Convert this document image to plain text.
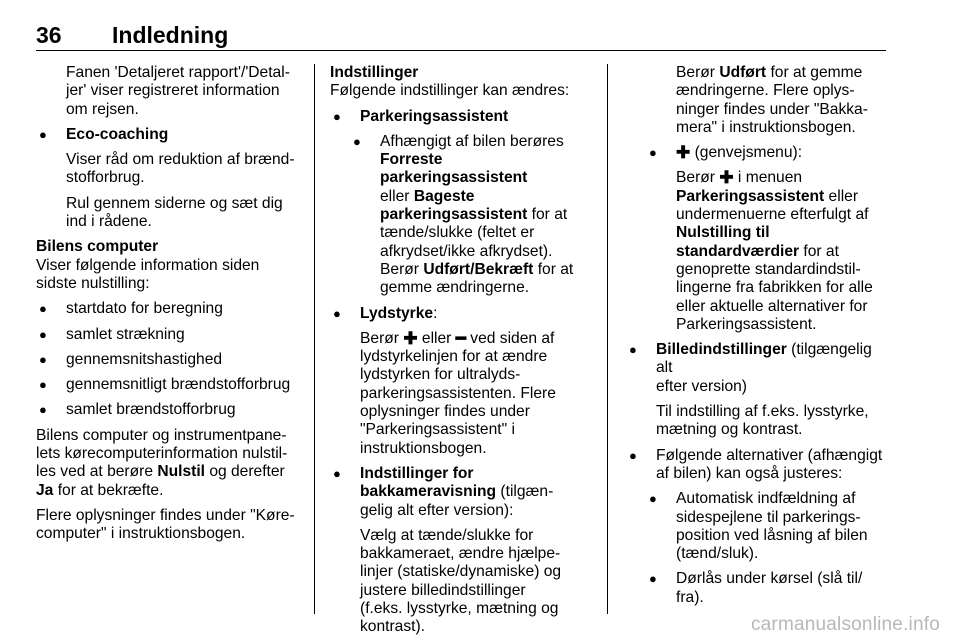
36 Indledning
Fanen 'Detaljeret rapport'/'Detal-
jer' viser registreret information
om rejsen.
● Eco-coaching

Viser råd om reduktion af brænd-
stofforbrug.

Rul gennem siderne og sæt dig
ind i rådene.

Bilens computer

Viser følgende information siden
sidste nulstilling:

● startdato for beregning
● samlet strækning
● gennemsnitshastighed
● gennemsnitligt brændstofforbrug
● samlet brændstofforbrug

Bilens computer og instrumentpane-
lets kørecomputerinformation nulstil-
les ved at berøre Nulstil og derefter
Ja for at bekræfte.

Flere oplysninger findes under "Køre-
computer" i instruktionsbogen.

Indstillinger

Følgende indstillinger kan ændres:

● Parkeringsassistent
● Afhængigt af bilen berøres
Forreste parkeringsassistent
eller Bageste
parkeringsassistent for at
tænde/slukke (feltet er
afkrydset/ikke afkrydset).
Berør Udført/Bekræft for at
gemme ændringerne.
● Lydstyrke:

Berør ✚ eller ━ ved siden af
lydstyrkelinjen for at ændre
lydstyrken for ultralyds-
parkeringsassistenten. Flere
oplysninger findes under
"Parkeringsassistent" i
instruktionsbogen.

● Indstillinger for
bakkameravisning (tilgæn-
gelig alt efter version):

Vælg at tænde/slukke for
bakkameraet, ændre hjælpe-
linjer (statiske/dynamiske) og
justere billedindstillinger
(f.eks. lysstyrke, mætning og
kontrast).

Berør Udført for at gemme
ændringerne. Flere oplys-
ninger findes under "Bakka-
mera" i instruktionsbogen.
● ✚ (genvejsmenu):

Berør ✚ i menuen
Parkeringsassistent eller
undermenuerne efterfulgt af
Nulstilling til
standardværdier for at
genoprette standardindstil-
lingerne fra fabrikken for alle
eller aktuelle alternativer for
Parkeringsassistent.

● Billedindstillinger (tilgængelig alt
efter version)

Til indstilling af f.eks. lysstyrke,
mætning og kontrast.

● Følgende alternativer (afhængigt
af bilen) kan også justeres:
● Automatisk indfældning af
sidespejlene til parkerings-
position ved låsning af bilen
(tænd/sluk).
● Dørlås under kørsel (slå til/
fra).
carmanualsonline.info
